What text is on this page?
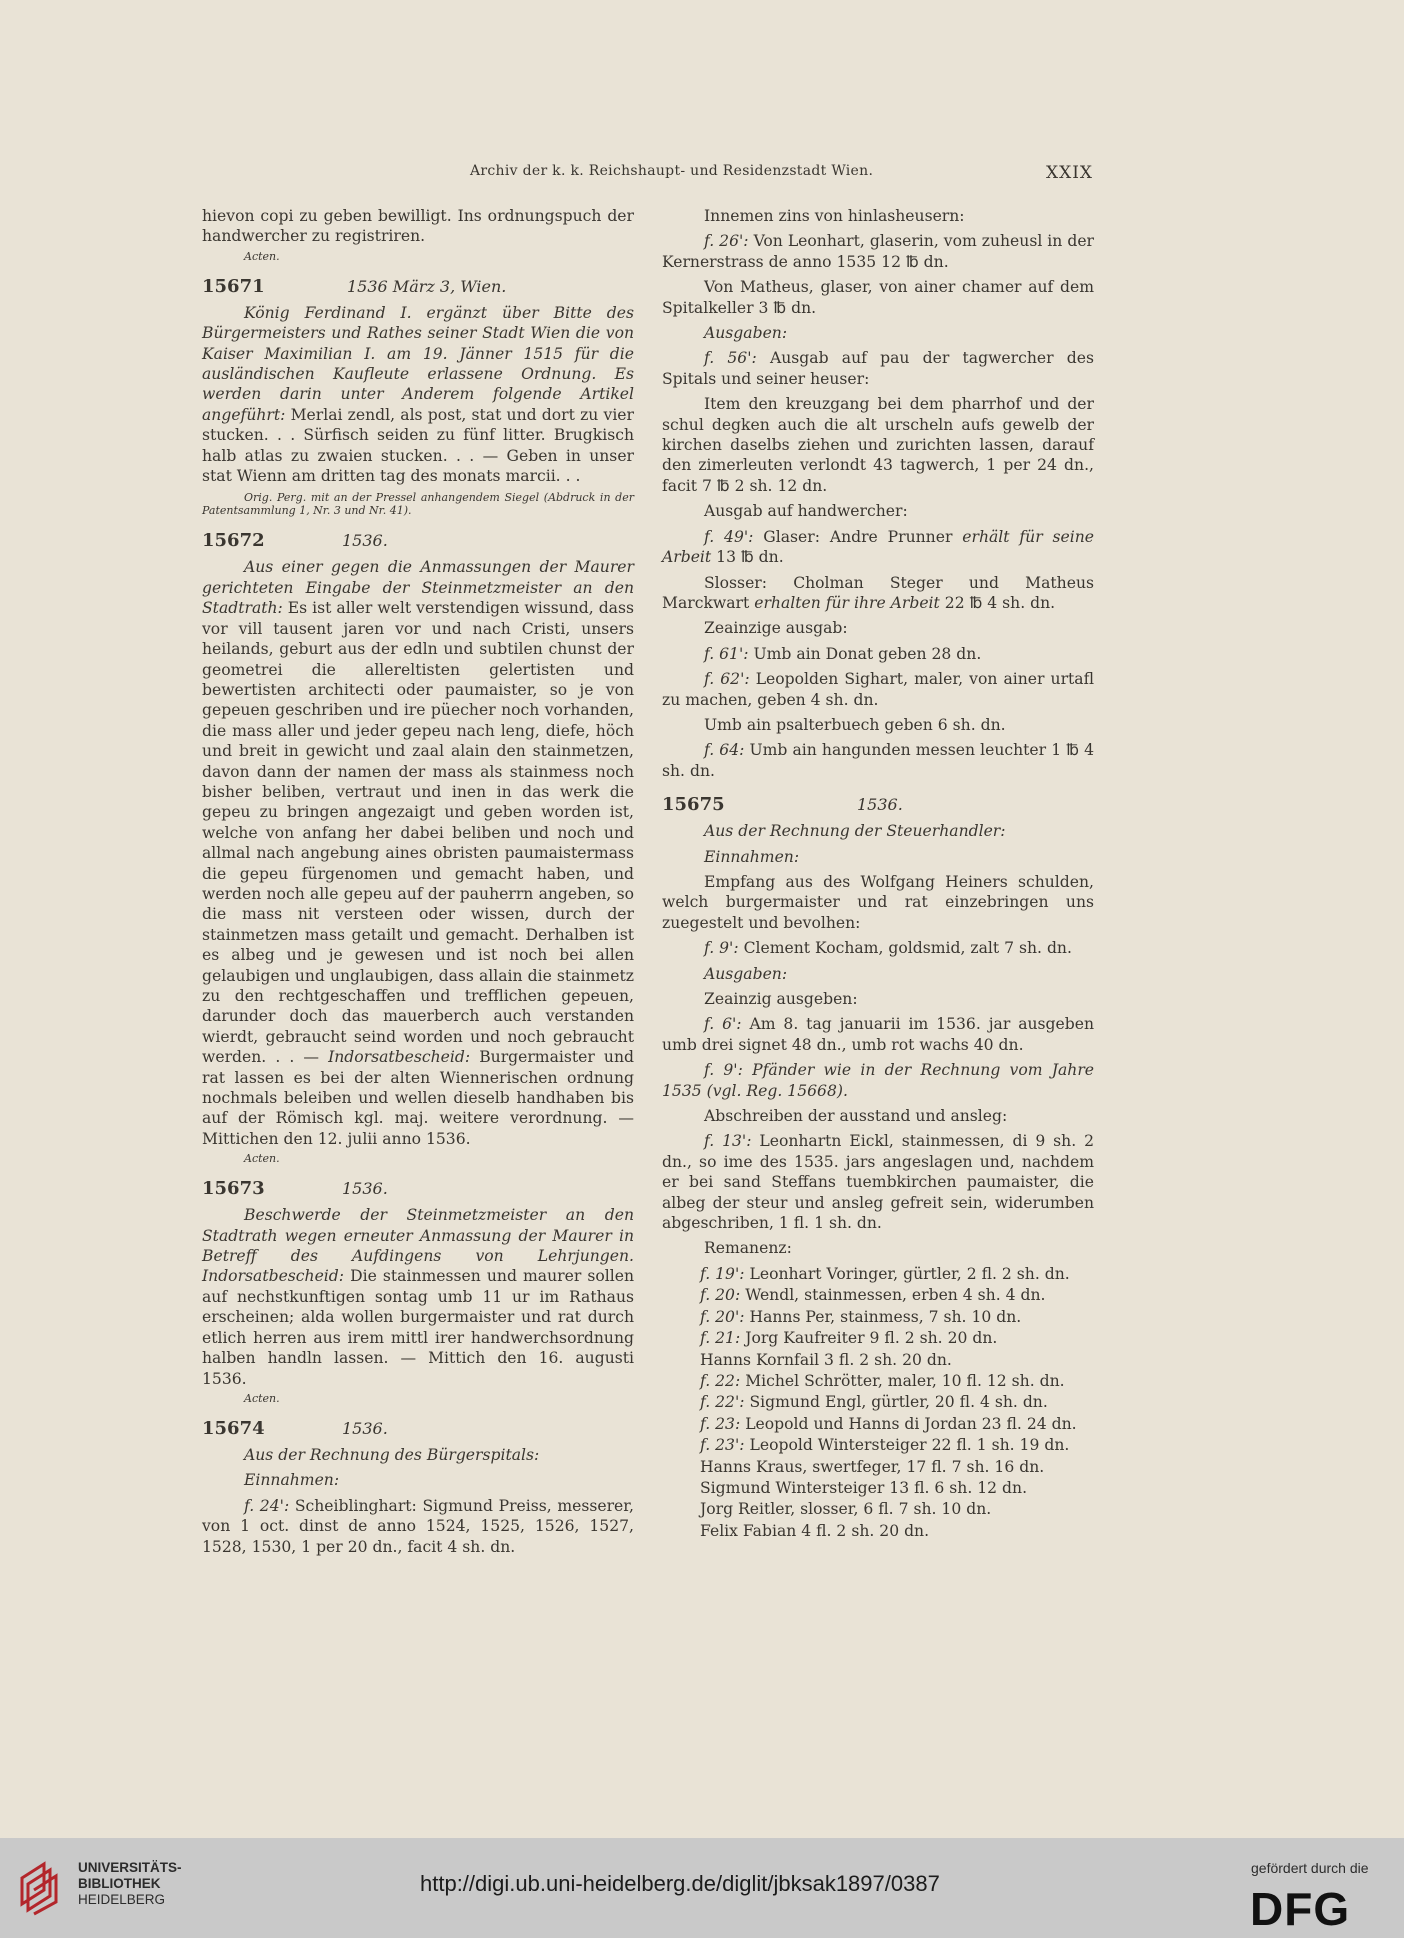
Archiv der k. k. Reichshaupt- und Residenzstadt Wien.	XXIX

hievon copi zu geben bewilligt. Ins ordnungspuch der handwercher zu registriren.

Acten.
15671	1536 März 3, Wien.

König Ferdinand I. ergänzt über Bitte des Bürgermeisters und Rathes seiner Stadt Wien die von Kaiser Maximilian I. am 19. Jänner 1515 für die ausländischen Kaufleute erlassene Ordnung. Es werden darin unter Anderem folgende Artikel angeführt: Merlai zendl, als post, stat und dort zu vier stucken. . . Sürfisch seiden zu fünf litter. Brugkisch halb atlas zu zwaien stucken. . . — Geben in unser stat Wienn am dritten tag des monats marcii. . .

Orig. Perg. mit an der Pressel anhangendem Siegel (Abdruck in der Patentsammlung 1, Nr. 3 und Nr. 41).
15672	1536.

Aus einer gegen die Anmassungen der Maurer gerichteten Eingabe der Steinmetzmeister an den Stadtrath: Es ist aller welt verstendigen wissund, dass vor vill tausent jaren vor und nach Cristi, unsers heilands, geburt aus der edln und subtilen chunst der geometrei die allereltisten gelertisten und bewertisten architecti oder paumaister, so je von gepeuen geschriben und ire püecher noch vorhanden, die mass aller und jeder gepeu nach leng, diefe, höch und breit in gewicht und zaal alain den stainmetzen, davon dann der namen der mass als stainmess noch bisher beliben, vertraut und inen in das werk die gepeu zu bringen angezaigt und geben worden ist, welche von anfang her dabei beliben und noch und allmal nach angebung aines obristen paumaistermass die gepeu fürgenomen und gemacht haben, und werden noch alle gepeu auf der pauherrn angeben, so die mass nit versteen oder wissen, durch der stainmetzen mass getailt und gemacht. Derhalben ist es albeg und je gewesen und ist noch bei allen gelaubigen und unglaubigen, dass allain die stainmetz zu den rechtgeschaffen und trefflichen gepeuen, darunder doch das mauerberch auch verstanden wierdt, gebraucht seind worden und noch gebraucht werden. . . — Indorsatbescheid: Burgermaister und rat lassen es bei der alten Wiennerischen ordnung nochmals beleiben und wellen dieselb handhaben bis auf der Römisch kgl. maj. weitere verordnung. — Mittichen den 12. julii anno 1536.

Acten.
15673	1536.

Beschwerde der Steinmetzmeister an den Stadtrath wegen erneuter Anmassung der Maurer in Betreff des Aufdingens von Lehrjungen. Indorsatbescheid: Die stainmessen und maurer sollen auf nechstkunftigen sontag umb 11 ur im Rathaus erscheinen; alda wollen burgermaister und rat durch etlich herren aus irem mittl irer handwerchsordnung halben handln lassen. — Mittich den 16. augusti 1536.

Acten.
15674	1536.

Aus der Rechnung des Bürgerspitals:

Einnahmen:

f. 24': Scheiblinghart: Sigmund Preiss, messerer, von 1 oct. dinst de anno 1524, 1525, 1526, 1527, 1528, 1530, 1 per 20 dn., facit 4 sh. dn.

Innemen zins von hinlasheusern:

f. 26': Von Leonhart, glaserin, vom zuheusl in der Kernerstrass de anno 1535 12 ℔ dn.

Von Matheus, glaser, von ainer chamer auf dem Spitalkeller 3 ℔ dn.

Ausgaben:

f. 56': Ausgab auf pau der tagwercher des Spitals und seiner heuser:

Item den kreuzgang bei dem pharrhof und der schul degken auch die alt urscheln aufs gewelb der kirchen daselbs ziehen und zurichten lassen, darauf den zimerleuten verlondt 43 tagwerch, 1 per 24 dn., facit 7 ℔ 2 sh. 12 dn.

Ausgab auf handwercher:

f. 49': Glaser: Andre Prunner erhält für seine Arbeit 13 ℔ dn.

Slosser: Cholman Steger und Matheus Marckwart erhalten für ihre Arbeit 22 ℔ 4 sh. dn.

Zeainzige ausgab:

f. 61': Umb ain Donat geben 28 dn.

f. 62': Leopolden Sighart, maler, von ainer urtafl zu machen, geben 4 sh. dn.

Umb ain psalterbuech geben 6 sh. dn.

f. 64: Umb ain hangunden messen leuchter 1 ℔ 4 sh. dn.

15675	1536.

Aus der Rechnung der Steuerhandler:

Einnahmen:

Empfang aus des Wolfgang Heiners schulden, welch burgermaister und rat einzebringen uns zuegestelt und bevolhen:

f. 9': Clement Kocham, goldsmid, zalt 7 sh. dn.

Ausgaben:

Zeainzig ausgeben:

f. 6': Am 8. tag januarii im 1536. jar ausgeben umb drei signet 48 dn., umb rot wachs 40 dn.

f. 9': Pfänder wie in der Rechnung vom Jahre 1535 (vgl. Reg. 15668).

Abschreiben der ausstand und ansleg:

f. 13': Leonhartn Eickl, stainmessen, di 9 sh. 2 dn., so ime des 1535. jars angeslagen und, nachdem er bei sand Steffans tuembkirchen paumaister, die albeg der steur und ansleg gefreit sein, widerumben abgeschriben, 1 fl. 1 sh. dn.

Remanenz:

f. 19': Leonhart Voringer, gürtler, 2 fl. 2 sh. dn.

f. 20: Wendl, stainmessen, erben 4 sh. 4 dn.

f. 20': Hanns Per, stainmess, 7 sh. 10 dn.

f. 21: Jorg Kaufreiter 9 fl. 2 sh. 20 dn.

Hanns Kornfail 3 fl. 2 sh. 20 dn.

f. 22: Michel Schrötter, maler, 10 fl. 12 sh. dn.

f. 22': Sigmund Engl, gürtler, 20 fl. 4 sh. dn.

f. 23: Leopold und Hanns di Jordan 23 fl. 24 dn.

f. 23': Leopold Wintersteiger 22 fl. 1 sh. 19 dn.

Hanns Kraus, swertfeger, 17 fl. 7 sh. 16 dn.

Sigmund Wintersteiger 13 fl. 6 sh. 12 dn.

Jorg Reitler, slosser, 6 fl. 7 sh. 10 dn.

Felix Fabian 4 fl. 2 sh. 20 dn.

UNIVERSITÄTS-
BIBLIOTHEK
HEIDELBERG
http://digi.ub.uni-heidelberg.de/diglit/jbksak1897/0387
gefördert durch die
DFG
